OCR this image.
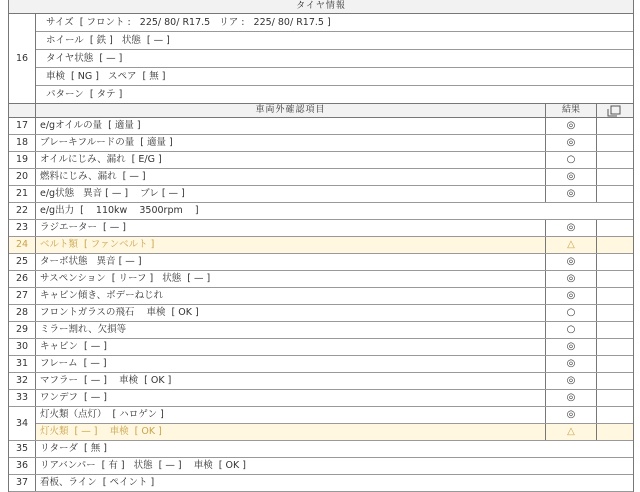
タイヤ情報
16
サイズ  [ フロント :   225/ 80/ R17.5   リア :   225/ 80/ R17.5 ]
ホイール  [ 鉄 ]   状態  [ — ]
タイヤ状態  [ — ]
車検  [ NG ]   スペア  [ 無 ]
パターン  [ タテ ]
車両外確認項目	結果
17	e/gオイルの量  [ 適量 ]	◎
18	ブレーキフルードの量  [ 適量 ]	◎
19	オイルにじみ、漏れ  [ E/G ]	○
20	燃料にじみ、漏れ  [ — ]	◎
21	e/g状態   異音 [ — ]    ブレ [ — ]	◎
22	e/g出力  [    110kw    3500rpm    ]
23	ラジエーター  [ — ]	◎
24	ベルト類  [ ファンベルト ]	△
25	ターボ状態   異音 [ — ]	◎
26	サスペンション  [ リーフ ]   状態  [ — ]	◎
27	キャビン傾き、ボデーねじれ	◎
28	フロントガラスの飛石    車検  [ OK ]	○
29	ミラー割れ、欠損等	○
30	キャビン  [ — ]	◎
31	フレーム  [ — ]	◎
32	マフラー  [ — ]    車検  [ OK ]	◎
33	ワンデフ  [ — ]	◎
34
灯火類（点灯）  [ ハロゲン ]	◎
灯火類  [ — ]    車検  [ OK ]	△
35	リターダ  [ 無 ]
36	リアバンパー  [ 有 ]   状態  [ — ]    車検  [ OK ]
37	看板、ライン  [ ペイント ]
